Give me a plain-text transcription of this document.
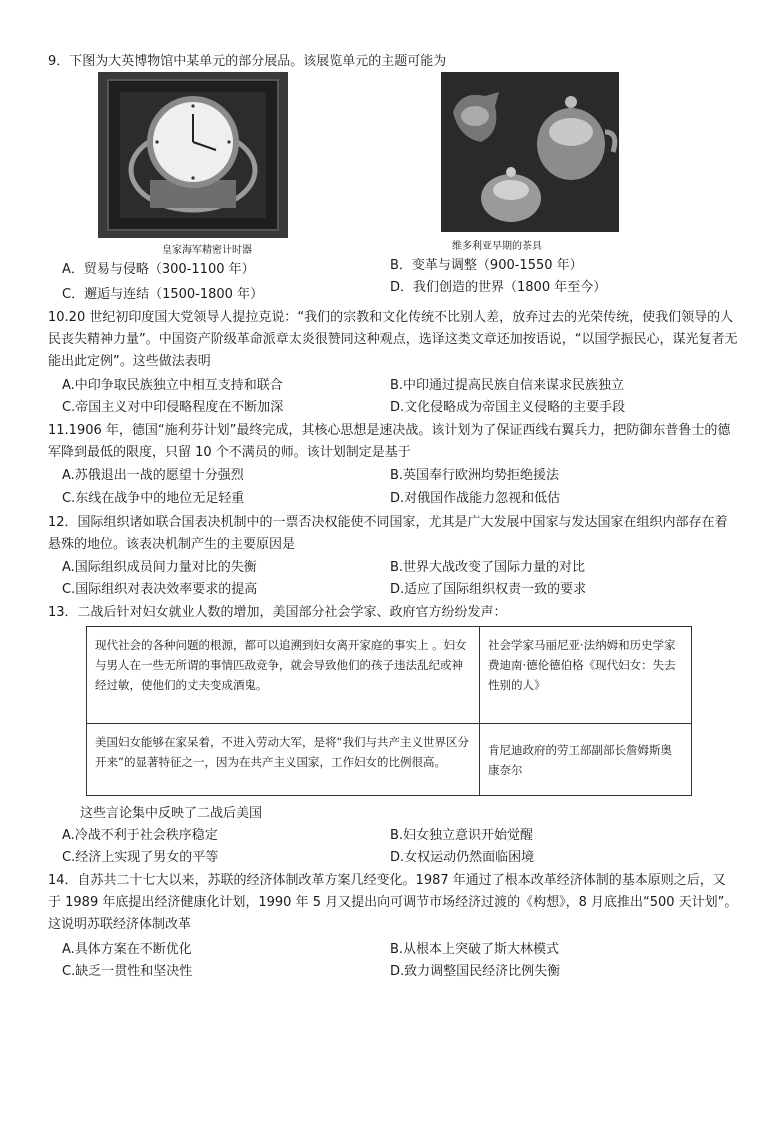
9．下图为大英博物馆中某单元的部分展品。该展览单元的主题可能为
皇家海军精密计时器	维多利亚早期的茶具
A．贸易与侵略（300-1100 年）	B．变革与调整（900-1550 年）
C．邂逅与连结（1500-1800 年）	D．我们创造的世界（1800 年至今）
10.20 世纪初印度国大党领导人提拉克说：“我们的宗教和文化传统不比别人差，放弃过去的光荣传统，使我们领导的人民丧失精神力量”。中国资产阶级革命派章太炎很赞同这种观点，选译这类文章还加按语说，“以国学振民心，谋光复者无能出此定例”。这些做法表明
A.中印争取民族独立中相互支持和联合	B.中印通过提高民族自信来谋求民族独立
C.帝国主义对中印侵略程度在不断加深	D.文化侵略成为帝国主义侵略的主要手段
11.1906 年，德国“施利芬计划”最终完成，其核心思想是速决战。该计划为了保证西线右翼兵力，把防御东普鲁士的德军降到最低的限度，只留 10 个不满员的师。该计划制定是基于
A.苏俄退出一战的愿望十分强烈	B.英国奉行欧洲均势拒绝援法
C.东线在战争中的地位无足轻重	D.对俄国作战能力忽视和低估
12．国际组织诸如联合国表决机制中的一票否决权能使不同国家，尤其是广大发展中国家与发达国家在组织内部存在着悬殊的地位。该表决机制产生的主要原因是
A.国际组织成员间力量对比的失衡	B.世界大战改变了国际力量的对比
C.国际组织对表决效率要求的提高	D.适应了国际组织权责一致的要求
13．二战后针对妇女就业人数的增加，美国部分社会学家、政府官方纷纷发声：
现代社会的各种问题的根源，都可以追溯到妇女离开家庭的事实上 。妇女与男人在一些无所谓的事情匹敌竞争，就会导致他们的孩子违法乱纪或神经过敏，使他们的丈夫变成酒鬼。	社会学家马丽尼亚·法纳姆和历史学家费迪南·德伦德伯格《现代妇女：失去性别的人》
美国妇女能够在家呆着，不进入劳动大军，是将“我们与共产主义世界区分开来”的显著特征之一，因为在共产主义国家，工作妇女的比例很高。	肯尼迪政府的劳工部副部长詹姆斯奥康奈尔
这些言论集中反映了二战后美国
A.冷战不利于社会秩序稳定	B.妇女独立意识开始觉醒
C.经济上实现了男女的平等	D.女权运动仍然面临困境
14．自苏共二十七大以来，苏联的经济体制改革方案几经变化。1987 年通过了根本改革经济体制的基本原则之后，又于 1989 年底提出经济健康化计划，1990 年 5 月又提出向可调节市场经济过渡的《构想》，8 月底推出“500 天计划”。这说明苏联经济体制改革
A.具体方案在不断优化	B.从根本上突破了斯大林模式
C.缺乏一贯性和坚决性	D.致力调整国民经济比例失衡
